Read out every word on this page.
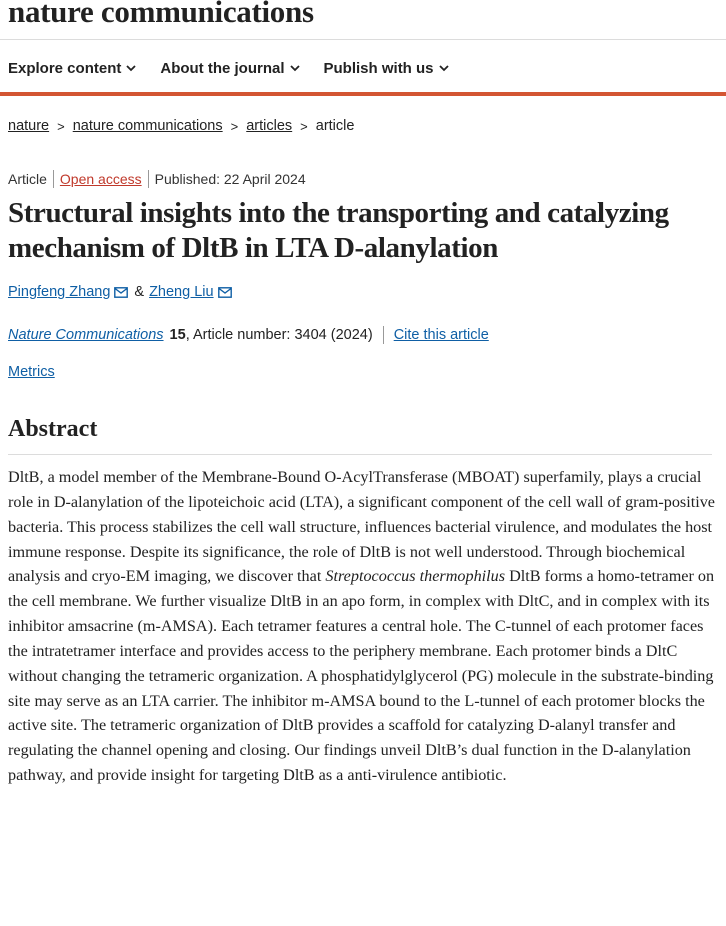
nature communications
Explore content	About the journal	Publish with us
nature > nature communications > articles > article
Article Open access Published: 22 April 2024
Structural insights into the transporting and catalyzing mechanism of DltB in LTA D-alanylation
Pingfeng Zhang & Zheng Liu
Nature Communications 15 , Article number: 3404 (2024) Cite this article
Metrics
Abstract

DltB, a model member of the Membrane-Bound O-AcylTransferase (MBOAT) superfamily, plays a crucial role in D-alanylation of the lipoteichoic acid (LTA), a significant component of the cell wall of gram-positive bacteria. This process stabilizes the cell wall structure, influences bacterial virulence, and modulates the host immune response. Despite its significance, the role of DltB is not well understood. Through biochemical analysis and cryo-EM imaging, we discover that Streptococcus thermophilus DltB forms a homo-tetramer on the cell membrane. We further visualize DltB in an apo form, in complex with DltC, and in complex with its inhibitor amsacrine (m-AMSA). Each tetramer features a central hole. The C-tunnel of each protomer faces the intratetramer interface and provides access to the periphery membrane. Each protomer binds a DltC without changing the tetrameric organization. A phosphatidylglycerol (PG) molecule in the substrate-binding site may serve as an LTA carrier. The inhibitor m-AMSA bound to the L-tunnel of each protomer blocks the active site. The tetrameric organization of DltB provides a scaffold for catalyzing D-alanyl transfer and regulating the channel opening and closing. Our findings unveil DltB’s dual function in the D-alanylation pathway, and provide insight for targeting DltB as a anti-virulence antibiotic.
